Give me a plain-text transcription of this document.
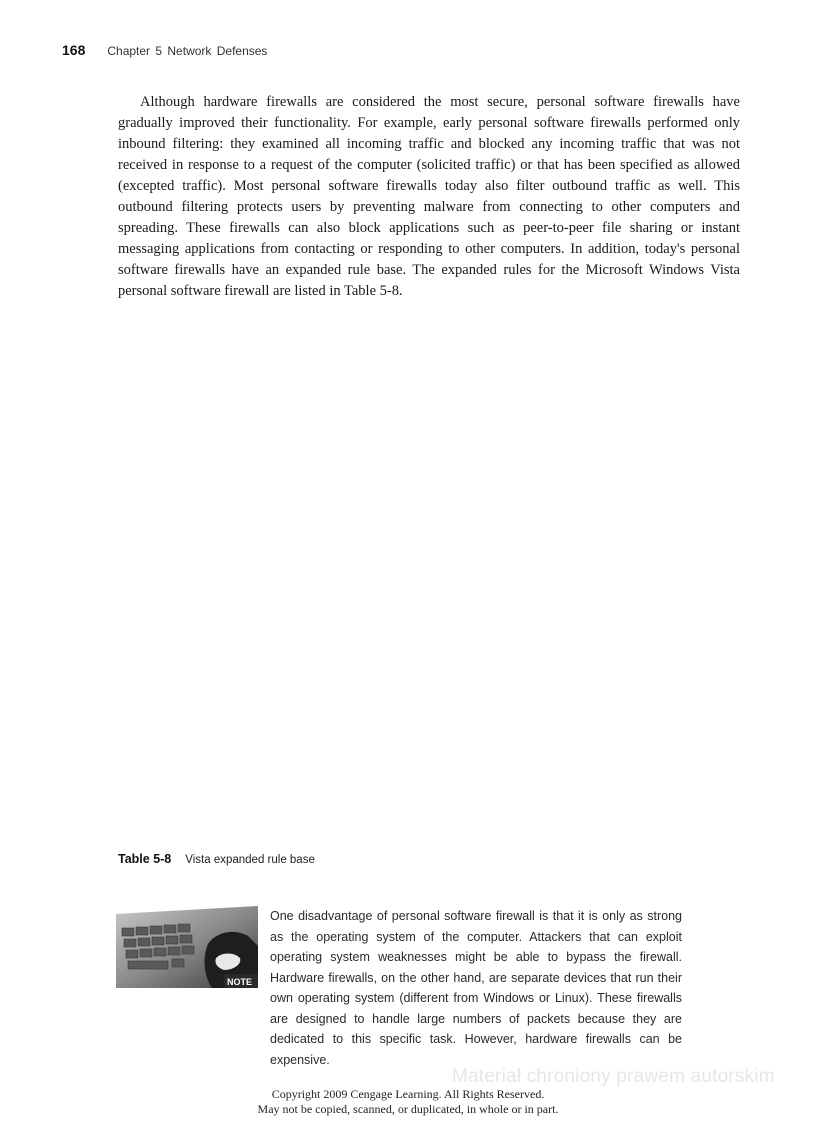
168 Chapter 5 Network Defenses

Although hardware firewalls are considered the most secure, personal software firewalls have gradually improved their functionality. For example, early personal software firewalls performed only inbound filtering: they examined all incoming traffic and blocked any incoming traffic that was not received in response to a request of the computer (solicited traffic) or that has been specified as allowed (excepted traffic). Most personal software firewalls today also filter outbound traffic as well. This outbound filtering protects users by preventing malware from connecting to other computers and spreading. These firewalls can also block applications such as peer-to-peer file sharing or instant messaging applications from contacting or responding to other computers. In addition, today's personal software firewalls have an expanded rule base. The expanded rules for the Microsoft Windows Vista personal software firewall are listed in Table 5-8.

Table 5-8 Vista expanded rule base
NOTE

One disadvantage of personal software firewall is that it is only as strong as the operating system of the computer. Attackers that can exploit operating system weaknesses might be able to bypass the firewall. Hardware firewalls, on the other hand, are separate devices that run their own operating system (different from Windows or Linux). These firewalls are designed to handle large numbers of packets because they are dedicated to this specific task. However, hardware firewalls can be expensive.

Materiał chroniony prawem autorskim
Copyright 2009 Cengage Learning. All Rights Reserved.
May not be copied, scanned, or duplicated, in whole or in part.
